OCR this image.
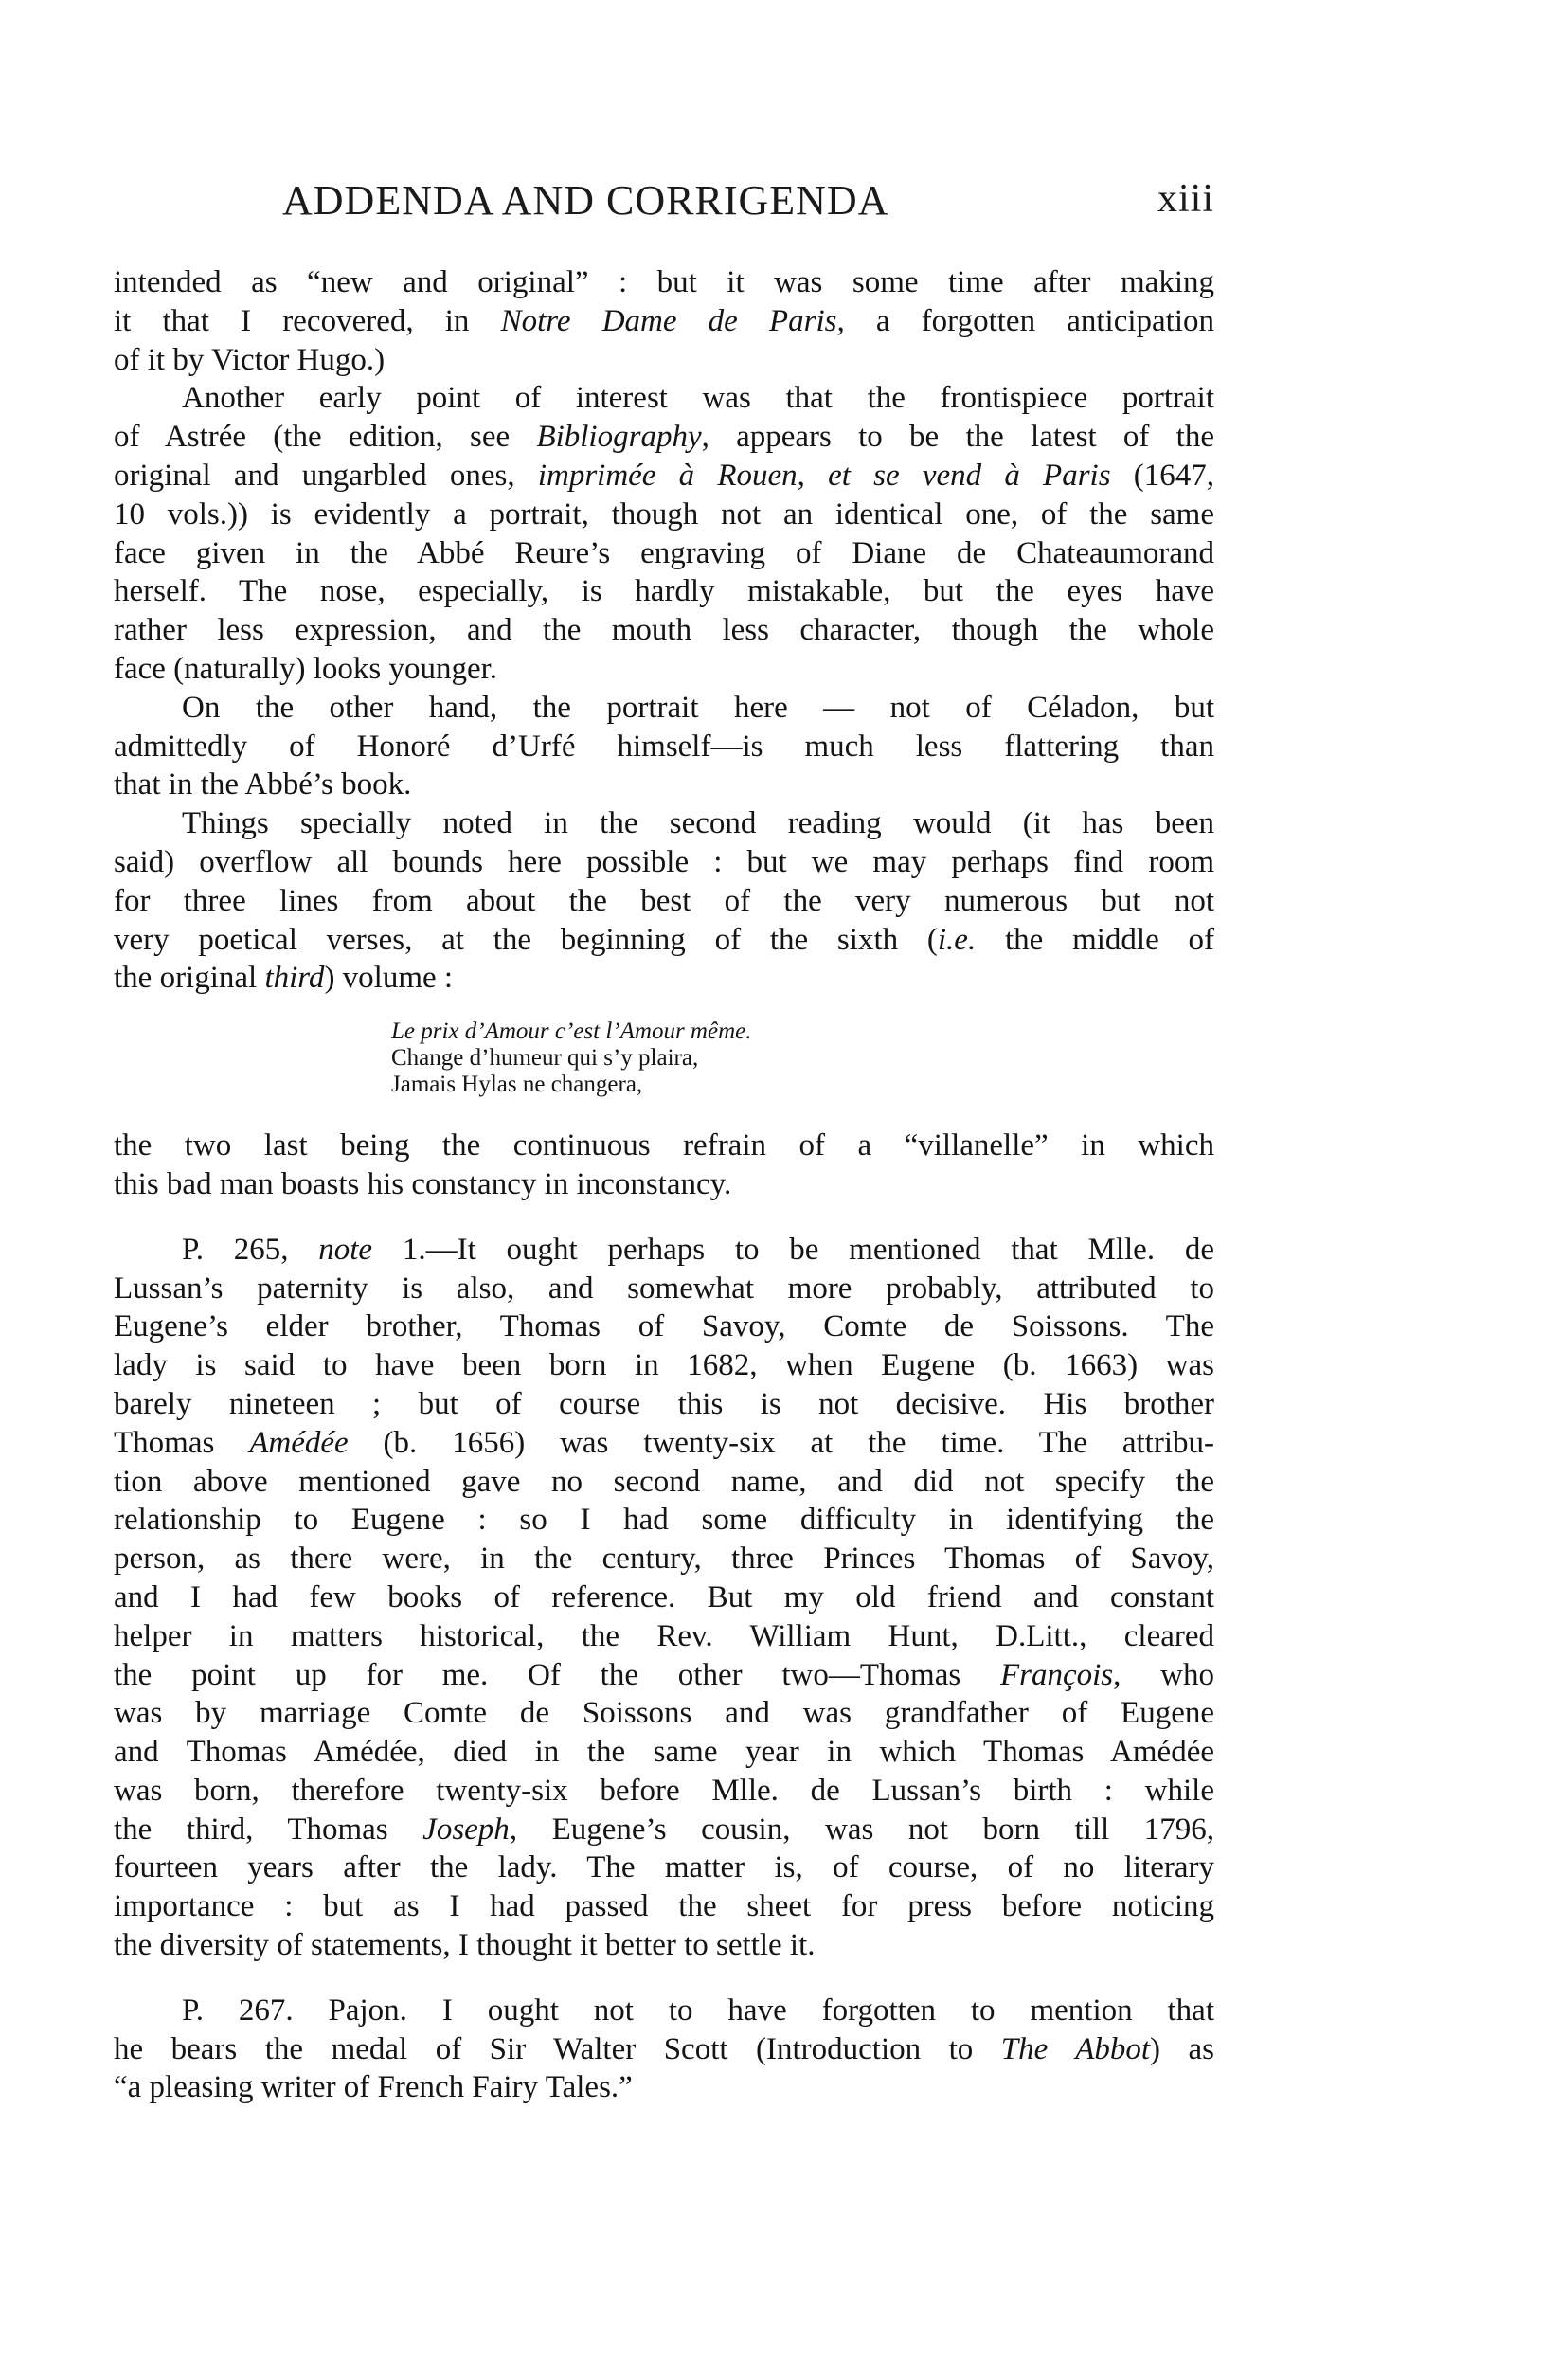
ADDENDA AND CORRIGENDA	xiii
intended as “new and original” : but it was some time after making
it that I recovered, in Notre Dame de Paris, a forgotten anticipation
of it by Victor Hugo.)
Another early point of interest was that the frontispiece portrait
of Astrée (the edition, see Bibliography, appears to be the latest of the
original and ungarbled ones, imprimée à Rouen, et se vend à Paris (1647,
10 vols.)) is evidently a portrait, though not an identical one, of the same
face given in the Abbé Reure’s engraving of Diane de Chateaumorand
herself. The nose, especially, is hardly mistakable, but the eyes have
rather less expression, and the mouth less character, though the whole
face (naturally) looks younger.
On the other hand, the portrait here — not of Céladon, but
admittedly of Honoré d’Urfé himself—is much less flattering than
that in the Abbé’s book.
Things specially noted in the second reading would (it has been
said) overflow all bounds here possible : but we may perhaps find room
for three lines from about the best of the very numerous but not
very poetical verses, at the beginning of the sixth (i.e. the middle of
the original third) volume :
Le prix d’Amour c’est l’Amour même.
Change d’humeur qui s’y plaira,
Jamais Hylas ne changera,
the two last being the continuous refrain of a “villanelle” in which
this bad man boasts his constancy in inconstancy.
P. 265, note 1.—It ought perhaps to be mentioned that Mlle. de
Lussan’s paternity is also, and somewhat more probably, attributed to
Eugene’s elder brother, Thomas of Savoy, Comte de Soissons. The
lady is said to have been born in 1682, when Eugene (b. 1663) was
barely nineteen ; but of course this is not decisive. His brother
Thomas Amédée (b. 1656) was twenty-six at the time. The attribu-
tion above mentioned gave no second name, and did not specify the
relationship to Eugene : so I had some difficulty in identifying the
person, as there were, in the century, three Princes Thomas of Savoy,
and I had few books of reference. But my old friend and constant
helper in matters historical, the Rev. William Hunt, D.Litt., cleared
the point up for me. Of the other two—Thomas François, who
was by marriage Comte de Soissons and was grandfather of Eugene
and Thomas Amédée, died in the same year in which Thomas Amédée
was born, therefore twenty-six before Mlle. de Lussan’s birth : while
the third, Thomas Joseph, Eugene’s cousin, was not born till 1796,
fourteen years after the lady. The matter is, of course, of no literary
importance : but as I had passed the sheet for press before noticing
the diversity of statements, I thought it better to settle it.
P. 267. Pajon. I ought not to have forgotten to mention that
he bears the medal of Sir Walter Scott (Introduction to The Abbot) as
“a pleasing writer of French Fairy Tales.”
